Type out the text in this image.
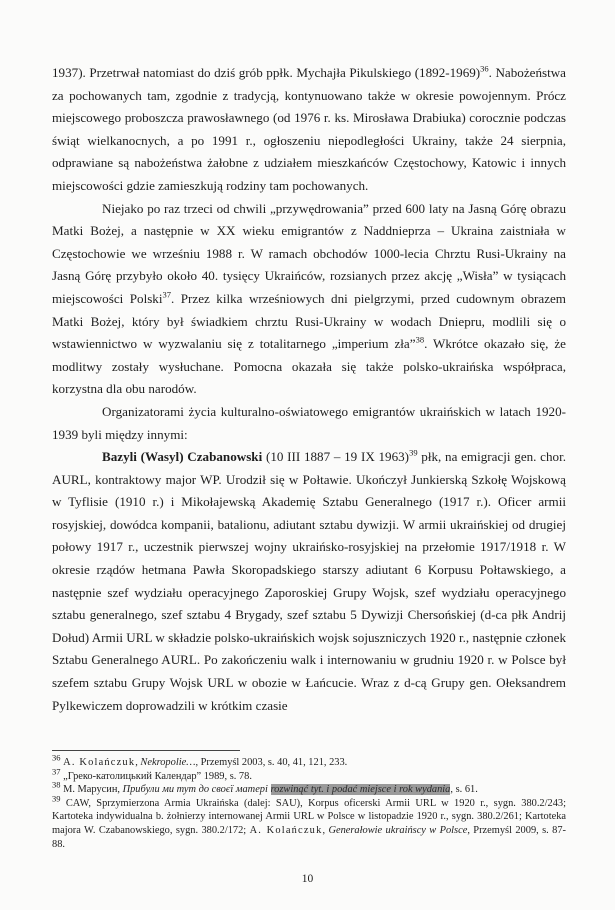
1937). Przetrwał natomiast do dziś grób ppłk. Mychajła Pikulskiego (1892-1969)$^{36}$. Nabożeństwa za pochowanych tam, zgodnie z tradycją, kontynuowano także w okresie powojennym. Prócz miejscowego proboszcza prawosławnego (od 1976 r. ks. Mirosława Drabiuka) corocznie podczas świąt wielkanocnych, a po 1991 r., ogłoszeniu niepodległości Ukrainy, także 24 sierpnia, odprawiane są nabożeństwa żałobne z udziałem mieszkańców Częstochowy, Katowic i innych miejscowości gdzie zamieszkują rodziny tam pochowanych.

Niejako po raz trzeci od chwili „przywędrowania” przed 600 laty na Jasną Górę obrazu Matki Bożej, a następnie w XX wieku emigrantów z Naddnieprza – Ukraina zaistniała w Częstochowie we wrześniu 1988 r. W ramach obchodów 1000-lecia Chrztu Rusi-Ukrainy na Jasną Górę przybyło około 40. tysięcy Ukraińców, rozsianych przez akcję „Wisła” w tysiącach miejscowości Polski$^{37}$. Przez kilka wrześniowych dni pielgrzymi, przed cudownym obrazem Matki Bożej, który był świadkiem chrztu Rusi-Ukrainy w wodach Dniepru, modlili się o wstawiennictwo w wyzwalaniu się z totalitarnego „imperium zła”$^{38}$. Wkrótce okazało się, że modlitwy zostały wysłuchane. Pomocna okazała się także polsko-ukraińska współpraca, korzystna dla obu narodów.

Organizatorami życia kulturalno-oświatowego emigrantów ukraińskich w latach 1920-1939 byli między innymi:

Bazyli (Wasyl) Czabanowski (10 III 1887 – 19 IX 1963)$^{39}$ płk, na emigracji gen. chor. AURL, kontraktowy major WP. Urodził się w Połtawie. Ukończył Junkierską Szkołę Wojskową w Tyflisie (1910 r.) i Mikołajewską Akademię Sztabu Generalnego (1917 r.). Oficer armii rosyjskiej, dowódca kompanii, batalionu, adiutant sztabu dywizji. W armii ukraińskiej od drugiej połowy 1917 r., uczestnik pierwszej wojny ukraińsko-rosyjskiej na przełomie 1917/1918 r. W okresie rządów hetmana Pawła Skoropadskiego starszy adiutant 6 Korpusu Połtawskiego, a następnie szef wydziału operacyjnego Zaporoskiej Grupy Wojsk, szef wydziału operacyjnego sztabu generalnego, szef sztabu 4 Brygady, szef sztabu 5 Dywizji Chersońskiej (d-ca płk Andrij Dołud) Armii URL w składzie polsko-ukraińskich wojsk sojuszniczych 1920 r., następnie członek Sztabu Generalnego AURL. Po zakończeniu walk i internowaniu w grudniu 1920 r. w Polsce był szefem sztabu Grupy Wojsk URL w obozie w Łańcucie. Wraz z d-cą Grupy gen. Ołeksandrem Pylkewiczem doprowadzili w krótkim czasie

$^{36}$ A. Kolańczuk, Nekropolie…, Przemyśl 2003, s. 40, 41, 121, 233.

$^{37}$ „Греко-католицький Календар” 1989, s. 78.

$^{38}$ М. Марусин, Прибули ми тут до своєї матері rozwinąć tyt. i podać miejsce i rok wydania, s. 61.

$^{39}$ CAW, Sprzymierzona Armia Ukraińska (dalej: SAU), Korpus oficerski Armii URL w 1920 r., sygn. 380.2/243; Kartoteka indywidualna b. żołnierzy internowanej Armii URL w Polsce w listopadzie 1920 r., sygn. 380.2/261; Kartoteka majora W. Czabanowskiego, sygn. 380.2/172; A. Kolańczuk, Generałowie ukraińscy w Polsce, Przemyśl 2009, s. 87-88.

10
